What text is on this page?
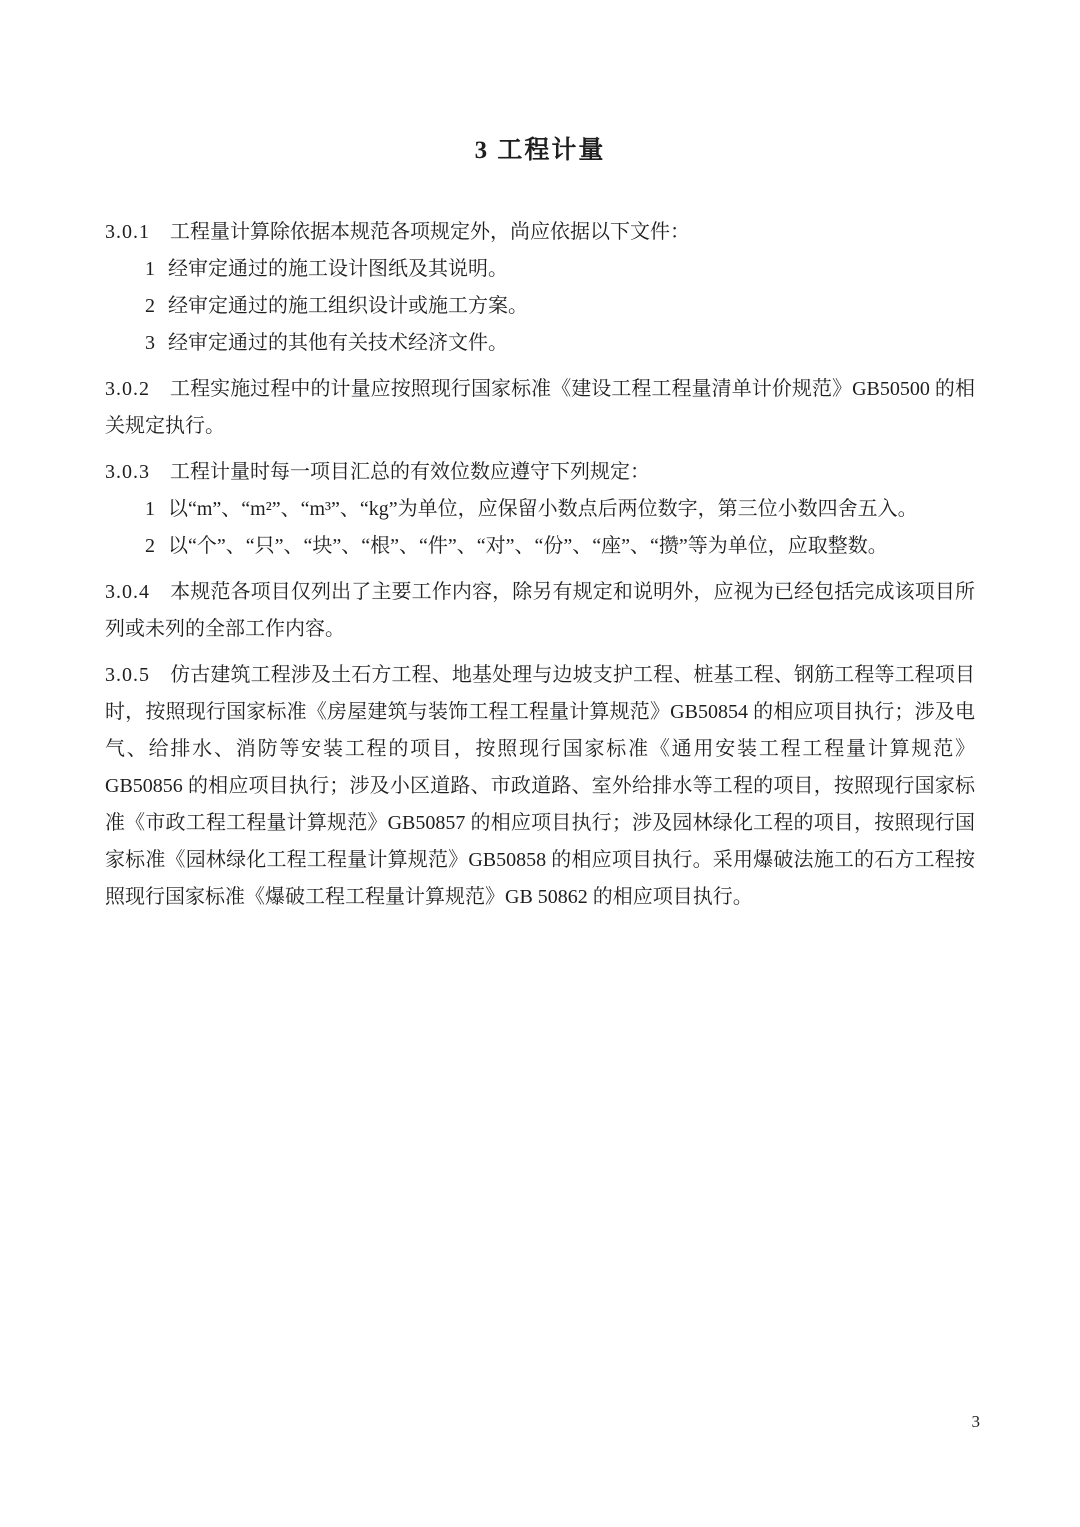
3 工程计量

3.0.1 工程量计算除依据本规范各项规定外，尚应依据以下文件：

1 经审定通过的施工设计图纸及其说明。

2 经审定通过的施工组织设计或施工方案。

3 经审定通过的其他有关技术经济文件。

3.0.2 工程实施过程中的计量应按照现行国家标准《建设工程工程量清单计价规范》GB50500 的相关规定执行。

3.0.3 工程计量时每一项目汇总的有效位数应遵守下列规定：

1 以“m”、“m²”、“m³”、“kg”为单位，应保留小数点后两位数字，第三位小数四舍五入。

2 以“个”、“只”、“块”、“根”、“件”、“对”、“份”、“座”、“攒”等为单位，应取整数。

3.0.4 本规范各项目仅列出了主要工作内容，除另有规定和说明外，应视为已经包括完成该项目所列或未列的全部工作内容。

3.0.5 仿古建筑工程涉及土石方工程、地基处理与边坡支护工程、桩基工程、钢筋工程等工程项目时，按照现行国家标准《房屋建筑与装饰工程工程量计算规范》GB50854 的相应项目执行；涉及电气、给排水、消防等安装工程的项目，按照现行国家标准《通用安装工程工程量计算规范》GB50856 的相应项目执行；涉及小区道路、市政道路、室外给排水等工程的项目，按照现行国家标准《市政工程工程量计算规范》GB50857 的相应项目执行；涉及园林绿化工程的项目，按照现行国家标准《园林绿化工程工程量计算规范》GB50858 的相应项目执行。采用爆破法施工的石方工程按照现行国家标准《爆破工程工程量计算规范》GB 50862 的相应项目执行。

3
